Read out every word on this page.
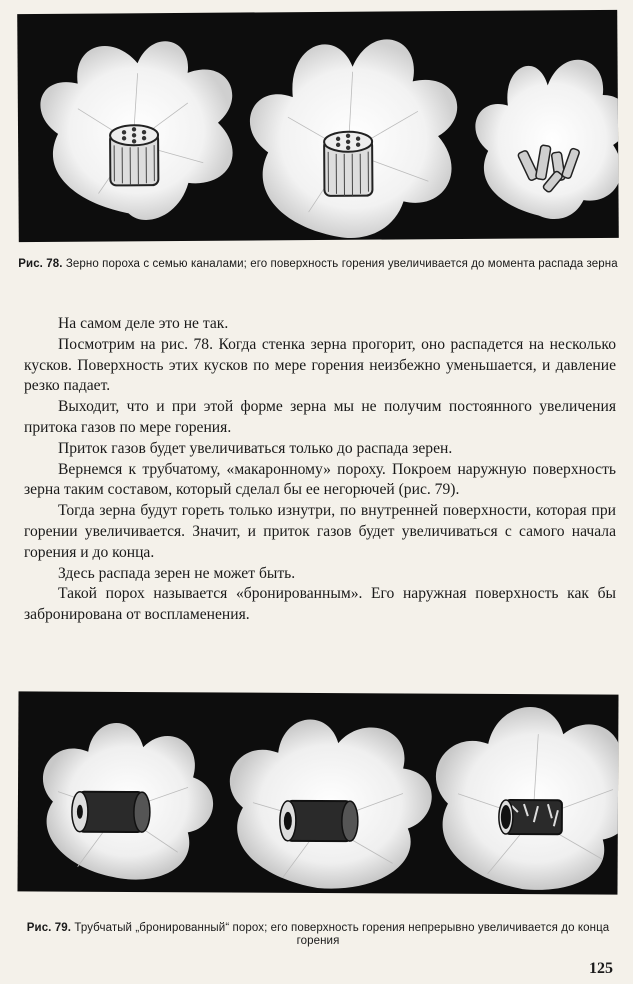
Рис. 78. Зерно пороха с семью каналами; его поверхность горения увеличивается до момента распада зерна

На самом деле это не так.

Посмотрим на рис. 78. Когда стенка зерна прогорит, оно распадется на несколько кусков. Поверхность этих кусков по мере горения неизбежно уменьшается, и давление резко падает.

Выходит, что и при этой форме зерна мы не получим постоянного увеличения притока газов по мере горения.

Приток газов будет увеличиваться только до распада зерен.

Вернемся к трубчатому, «макаронному» пороху. Покроем наружную поверхность зерна таким составом, который сделал бы ее негорючей (рис. 79).

Тогда зерна будут гореть только изнутри, по внутренней поверхности, которая при горении увеличивается. Значит, и приток газов будет увеличиваться с самого начала горения и до конца.

Здесь распада зерен не может быть.

Такой порох называется «бронированным». Его наружная поверхность как бы забронирована от воспламенения.

Рис. 79. Трубчатый „бронированный“ порох; его поверхность горения непрерывно увеличивается до конца горения
125
